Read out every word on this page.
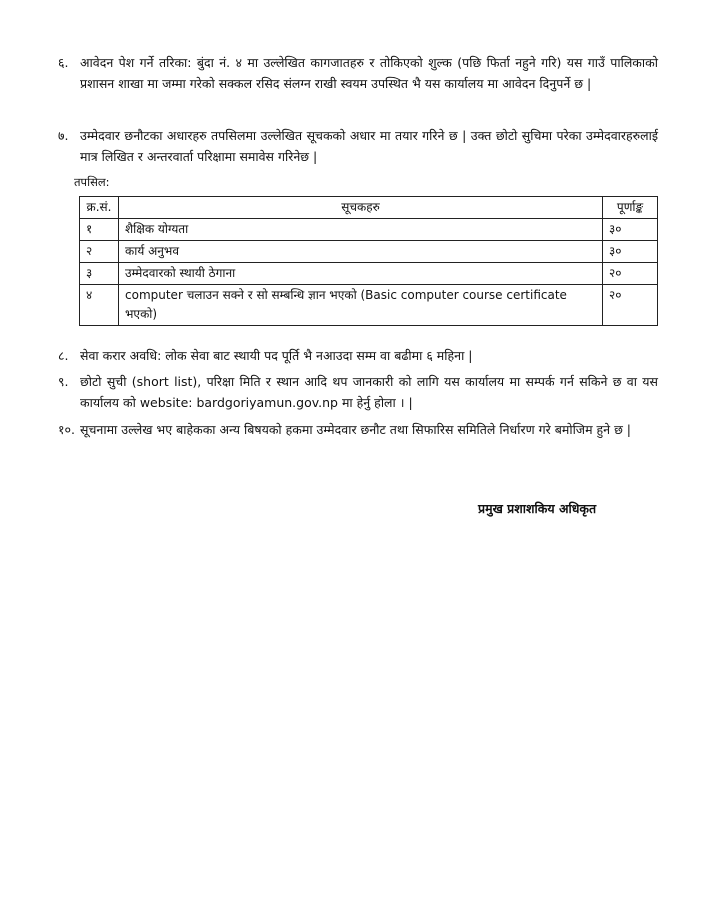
६. आवेदन पेश गर्ने तरिका: बुंदा नं. ४ मा उल्लेखित कागजातहरु र तोकिएको शुल्क (पछि फिर्ता नहुने गरि) यस गाउँ पालिकाको प्रशासन शाखा मा जम्मा गरेको सक्कल रसिद संलग्न राखी स्वयम उपस्थित भै यस कार्यालय मा आवेदन दिनुपर्ने छ |
७. उम्मेदवार छनौटका अधारहरु तपसिलमा उल्लेखित सूचकको अधार मा तयार गरिने छ | उक्त छोटो सुचिमा परेका उम्मेदवारहरुलाई मात्र लिखित र अन्तरवार्ता परिक्षामा समावेस गरिनेछ |
तपसिल:
क्र.सं.	सूचकहरु	पूर्णाङ्क
१	शैक्षिक योग्यता	३०
२	कार्य अनुभव	३०
३	उम्मेदवारको स्थायी ठेगाना	२०
४	computer चलाउन सक्ने र सो सम्बन्धि ज्ञान भएको (Basic computer course certificate भएको)	२०
८. सेवा करार अवधि: लोक सेवा बाट स्थायी पद पूर्ति भै नआउदा सम्म वा बढीमा ६ महिना |
९. छोटो सुची (short list), परिक्षा मिति र स्थान आदि थप जानकारी को लागि यस कार्यालय मा सम्पर्क गर्न सकिने छ वा यस कार्यालय को website: bardgoriyamun.gov.np मा हेर्नु होला । |
१०. सूचनामा उल्लेख भए बाहेकका अन्य बिषयको हकमा उम्मेदवार छनौट तथा सिफारिस समितिले निर्धारण गरे बमोजिम हुने छ |
प्रमुख प्रशाशकिय अधिकृत
